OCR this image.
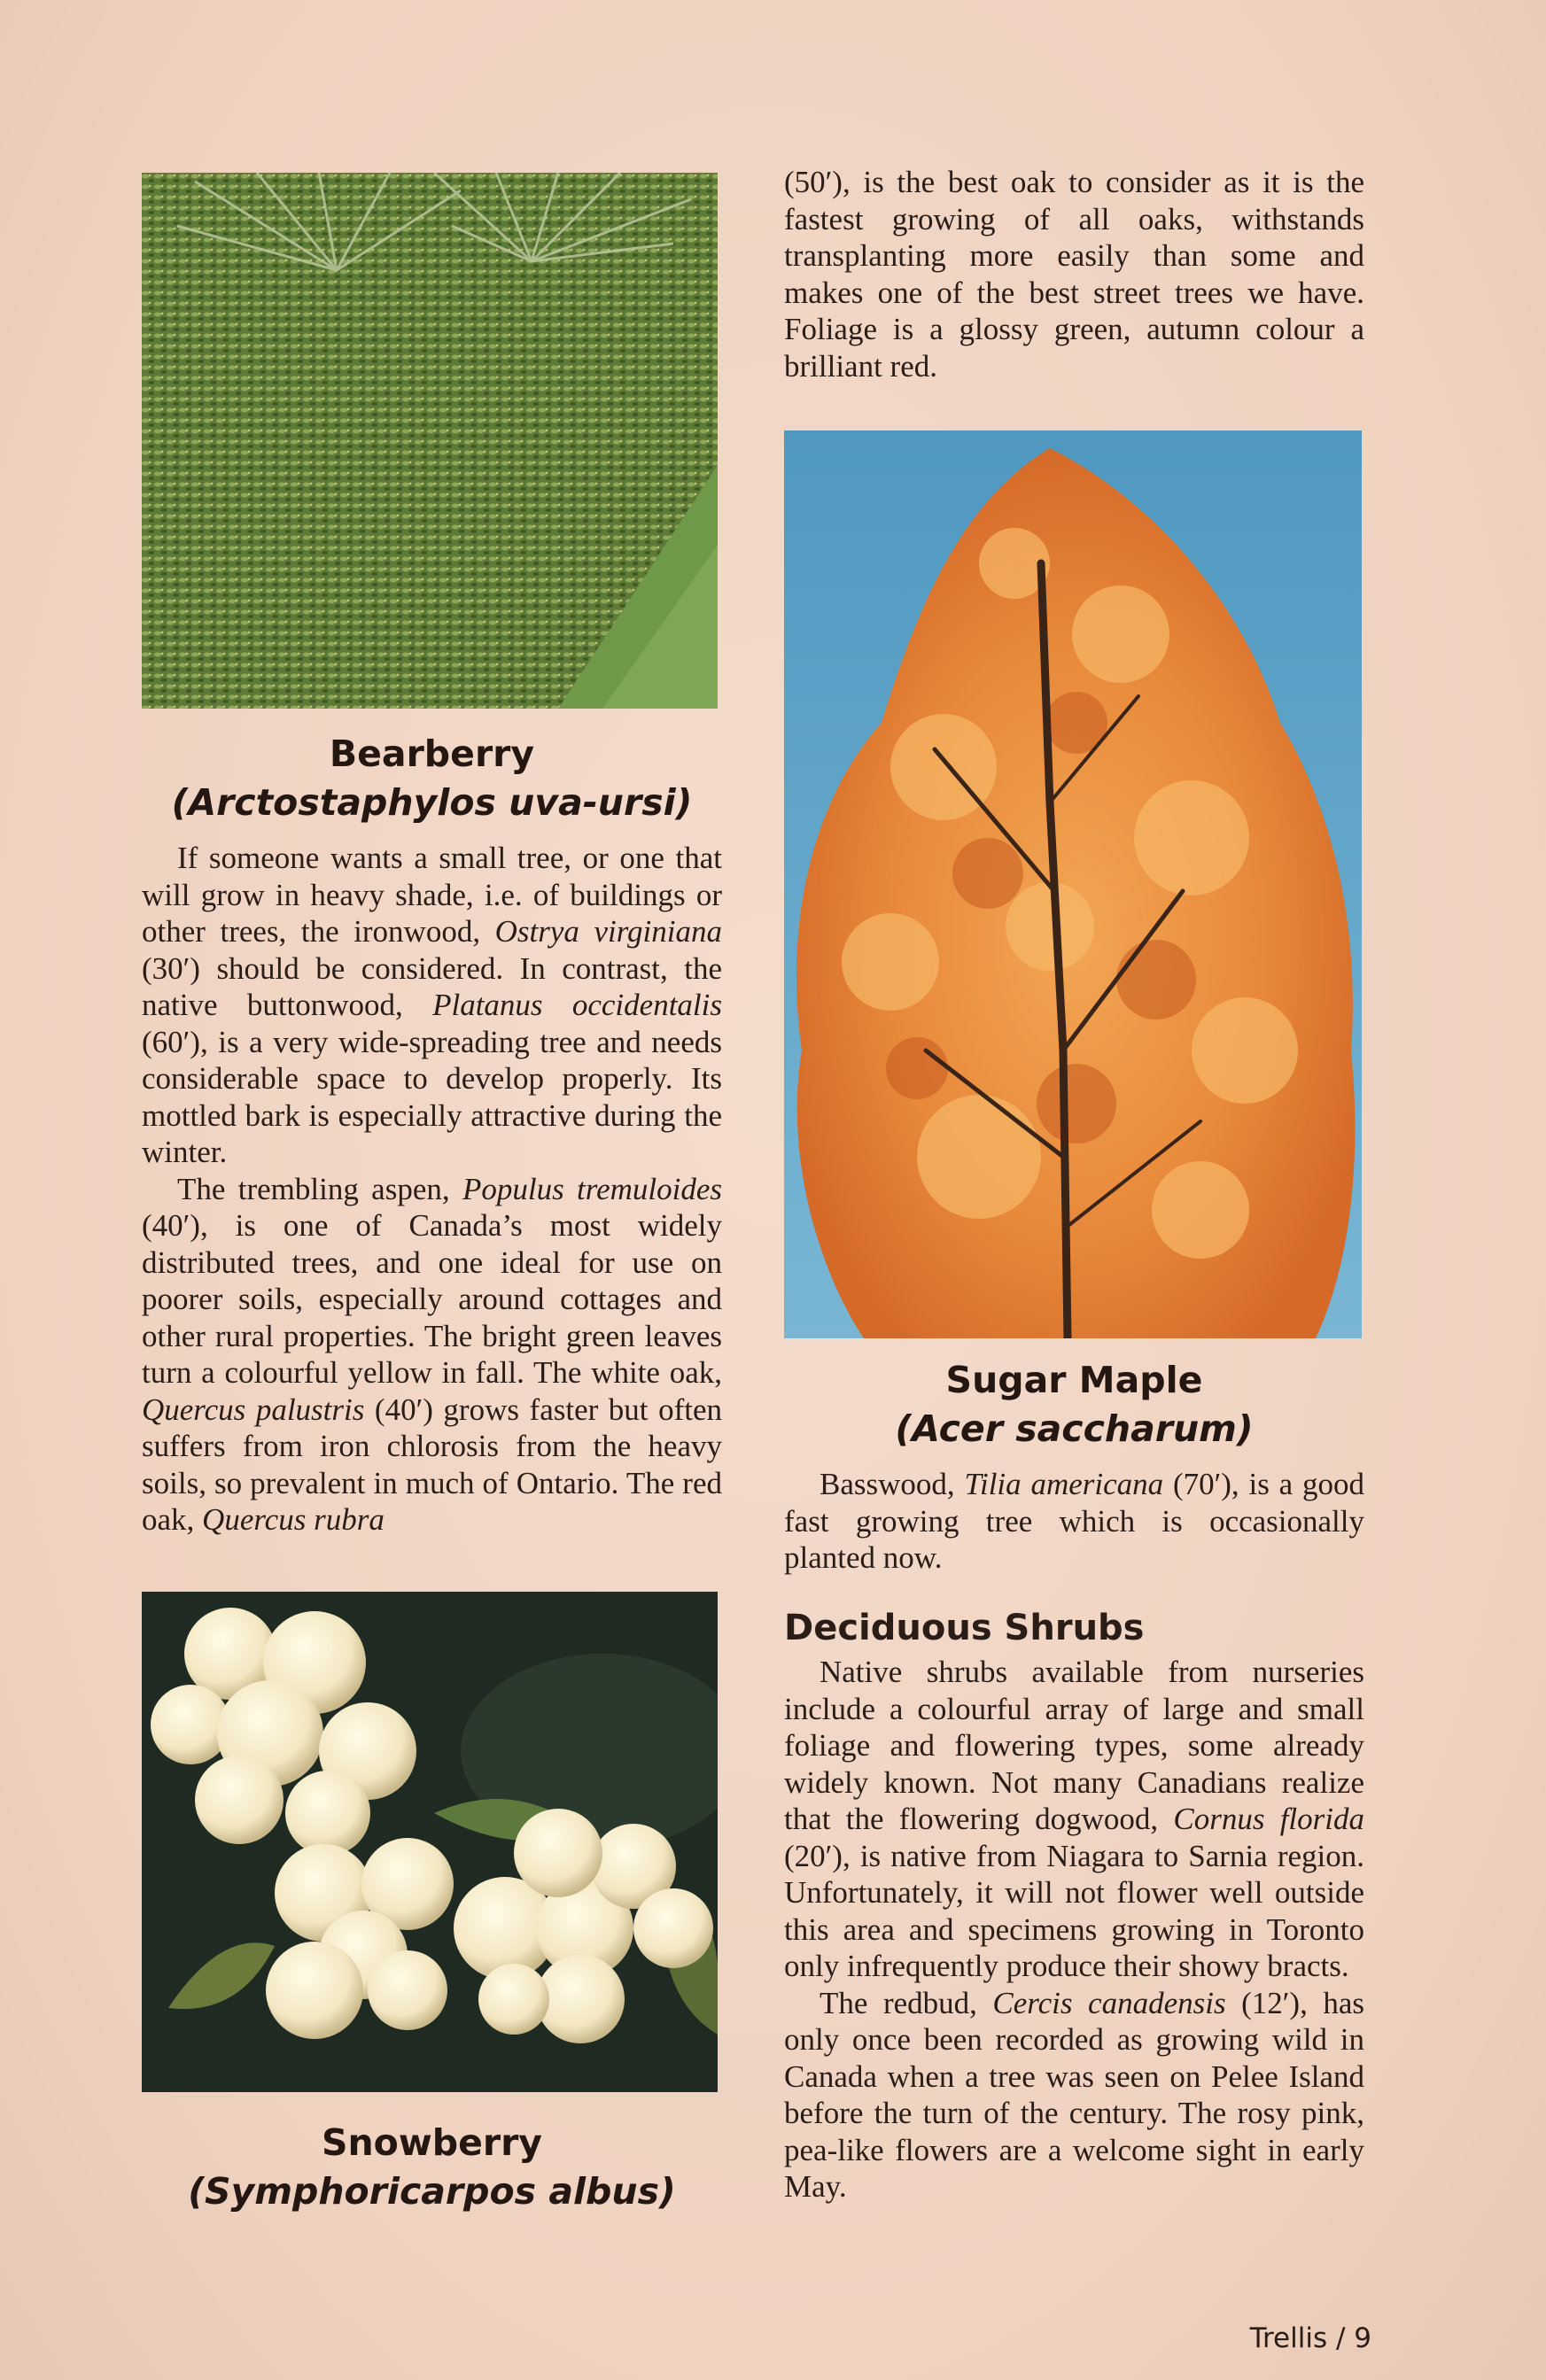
Bearberry
(Arctostaphylos uva-ursi)

If someone wants a small tree, or one that will grow in heavy shade, i.e. of buildings or other trees, the ironwood, Ostrya virginiana (30′) should be considered. In contrast, the native buttonwood, Platanus occidentalis (60′), is a very wide-spreading tree and needs considerable space to develop properly. Its mottled bark is especially attractive during the winter.

The trembling aspen, Populus tremuloides (40′), is one of Canada’s most widely distributed trees, and one ideal for use on poorer soils, especially around cottages and other rural properties. The bright green leaves turn a colourful yellow in fall. The white oak, Quercus palustris (40′) grows faster but often suffers from iron chlorosis from the heavy soils, so prevalent in much of Ontario. The red oak, Quercus rubra

Snowberry
(Symphoricarpos albus)

(50′), is the best oak to consider as it is the fastest growing of all oaks, withstands transplanting more easily than some and makes one of the best street trees we have. Foliage is a glossy green, autumn colour a brilliant red.

Sugar Maple
(Acer saccharum)

Basswood, Tilia americana (70′), is a good fast growing tree which is occasionally planted now.

Deciduous Shrubs

Native shrubs available from nurseries include a colourful array of large and small foliage and flowering types, some already widely known. Not many Canadians realize that the flowering dogwood, Cornus florida (20′), is native from Niagara to Sarnia region. Unfortunately, it will not flower well outside this area and specimens growing in Toronto only infrequently produce their showy bracts.

The redbud, Cercis canadensis (12′), has only once been recorded as growing wild in Canada when a tree was seen on Pelee Island before the turn of the century. The rosy pink, pea-like flowers are a welcome sight in early May.

Trellis / 9
